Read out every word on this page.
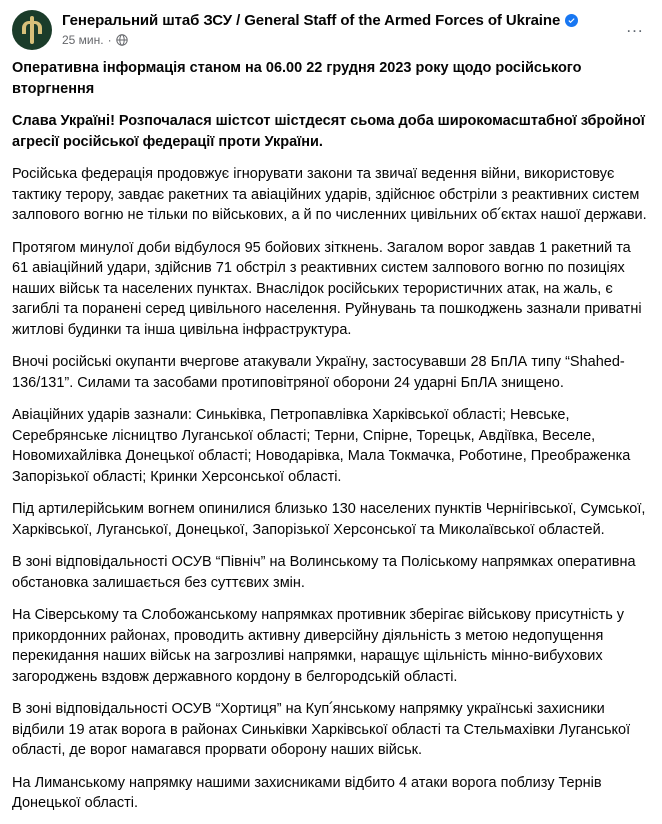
Генеральний штаб ЗСУ / General Staff of the Armed Forces of Ukraine
25 мин. ·
...

Оперативна інформація станом на 06.00 22 грудня 2023 року щодо російського вторгнення

Слава Україні! Розпочалася шістсот шістдесят сьома доба широкомасштабної збройної агресії російської федерації проти України.

Російська федерація продовжує ігнорувати закони та звичаї ведення війни, використовує тактику терору, завдає ракетних та авіаційних ударів, здійснює обстріли з реактивних систем залпового вогню не тільки по військових, а й по численних цивільних об՛єктах нашої держави.

Протягом минулої доби відбулося 95 бойових зіткнень. Загалом ворог завдав 1 ракетний та 61 авіаційний удари, здійснив 71 обстріл з реактивних систем залпового вогню по позиціях наших військ та населених пунктах. Внаслідок російських терористичних атак, на жаль, є загиблі та поранені серед цивільного населення. Руйнувань та пошкоджень зазнали приватні житлові будинки та інша цивільна інфраструктура.

Вночі російські окупанти вчергове атакували Україну, застосувавши 28 БпЛА типу “Shahed-136/131”. Силами та засобами протиповітряної оборони 24 ударні БпЛА знищено.

Авіаційних ударів зазнали: Синьківка, Петропавлівка Харківської області; Невське, Серебрянське лісництво Луганської області; Терни, Спірне, Торецьк, Авдіївка, Веселе, Новомихайлівка Донецької області; Новодарівка, Мала Токмачка, Роботине, Преображенка Запорізької області; Кринки Херсонської області.

Під артилерійським вогнем опинилися близько 130 населених пунктів Чернігівської, Сумської, Харківської, Луганської, Донецької, Запорізької Херсонської та Миколаївської областей.

В зоні відповідальності ОСУВ “Північ” на Волинському та Поліському напрямках оперативна обстановка залишається без суттєвих змін.

На Сіверському та Слобожанському напрямках противник зберігає військову присутність у прикордонних районах, проводить активну диверсійну діяльність з метою недопущення перекидання наших військ на загрозливі напрямки, наращує щільність мінно-вибухових загороджень вздовж державного кордону в белгородській області.

В зоні відповідальності ОСУВ “Хортиця” на Куп՛янському напрямку українські захисники відбили 19 атак ворога в районах Синьківки Харківської області та Стельмахівки Луганської області, де ворог намагався прорвати оборону наших військ.

На Лиманському напрямку нашими захисниками відбито 4 атаки ворога поблизу Тернів Донецької області.
